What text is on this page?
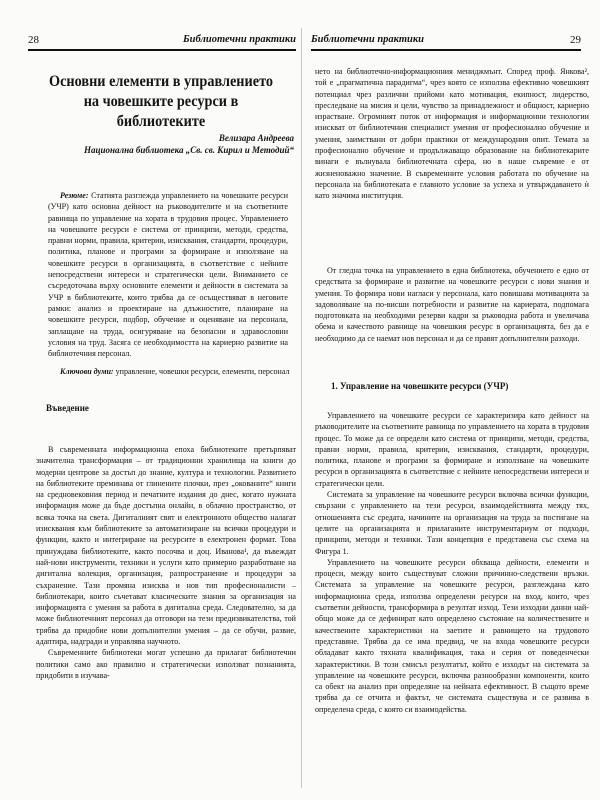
28	Библиотечни практики
Основни елементи в управлението на човешките ресурси в библиотеките
Велизара Андреева
Национална библиотека „Св. св. Кирил и Методий“

Резюме: Статията разглежда управлението на човешките ресурси (УЧР) като основна дейност на ръководителите и на съответните равнища по управление на хората в трудовия процес. Управлението на човешките ресурси е система от принципи, методи, средства, правни норми, правила, критерии, изисквания, стандарти, процедури, политика, планове и програми за формиране и използване на човешките ресурси в организацията, в съответствие с нейните непосредствени интереси и стратегически цели. Вниманието се съсредоточава върху основните елементи и дейности в системата за УЧР в библиотеките, които трябва да се осъществяват в неговите рамки: анализ и проектиране на длъжностите, планиране на човешките ресурси, подбор, обучение и оценяване на персонала, заплащане на труда, осигуряване на безопасни и здравословни условия на труд. Засяга се необходимостта на кариерно развитие на библиотечния персонал.

Ключови думи: управление, човешки ресурси, елементи, персонал
Въведение

В съвременната информационна епоха библиотеките претърпяват значителна трансформация – от традиционни хранилища на книги до модерни центрове за достъп до знание, култура и технологии. Развитието на библиотеките преминава от глинените плочки, през „окованите“ книги на средновековния период и печатните издания до днес, когато нужната информация може да бъде достъпна онлайн, в облачно пространство, от всяка точка на света. Дигиталният свят и електронното общество налагат изисквания към библиотеките за автоматизиране на всички процедури и функции, както и интегриране на ресурсите в електронен формат. Това принуждава библиотеките, както посочва и доц. Иванова¹, да въвеждат най-нови инструменти, техники и услуги като примерно разработване на дигитална колекция, организация, разпространение и процедури за съхранение. Тази промяна изисква и нов тип професионалисти – библиотекари, които съчетават класическите знания за организация на информацията с умения за работа в дигитална среда. Следователно, за да може библиотечният персонал да отговори на тези предизвикателства, той трябва да придобие нови допълнителни умения – да се обучи, развие, адаптира, надгради и управлява научното.

Съвременните библиотеки могат успешно да прилагат библиотечни политики само ако правилно и стратегически използват познанията, придобити в изучава-

Библиотечни практики	29

нето на библиотечно-информационния мениджмънт. Според проф. Янкова², той е „прагматична парадигма“, чрез която се използва ефективно човешкият потенциал чрез различни прийоми като мотивация, екипност, лидерство, преследване на мисия и цели, чувство за принадлежност и общност, кариерно израстване. Огромният поток от информация и информационни технологии изискват от библиотечния специалист умения от професионално обучение и умения, заимствани от добри практики от международния опит. Темата за професионално обучение и продължаващо образование на библиотекарите винаги е вълнувала библиотечната сфера, но в наше съвремие е от жизненоважно значение. В съвременните условия работата по обучение на персонала на библиотеката е главното условие за успеха и утвърждаването ѝ като значима институция.

От гледна точка на управлението в една библиотека, обучението е едно от средствата за формиране и развитие на човешките ресурси с нови знания и умения. То формира нови нагласи у персонала, като повишава мотивацията за задоволяване на по-висши потребности и развитие на кариерата, подпомага подготовката на необходими резерви кадри за ръководна работа и увеличава обема и качеството равнище на човешкия ресурс в организацията, без да е необходимо да се наемат нов персонал и да се правят допълнителни разходи.

1. Управление на човешките ресурси (УЧР)

Управлението на човешките ресурси се характеризира като дейност на ръководителите на съответните равнища по управлението на хората в трудовия процес. То може да се определи като система от принципи, методи, средства, правни норми, правила, критерии, изисквания, стандарти, процедури, политика, планове и програми за формиране и използване на човешките ресурси в организацията в съответствие с нейните непосредствени интереси и стратегически цели.

Системата за управление на човешките ресурси включва всички функции, свързани с управлението на тези ресурси, взаимодействията между тях, отношенията със средата, начините на организация на труда за постигане на целите на организацията и прилаганите инструментариум от подходи, принципи, методи и техники. Тази концепция е представена със схема на Фигура 1.

Управлението на човешките ресурси обхваща дейности, елементи и процеси, между които съществуват сложни причинно-следствени връзки. Системата за управление на човешките ресурси, разглеждана като информационна среда, използва определени ресурси на вход, които, чрез съответни дейности, трансформира в резултат изход. Тези изходни данни най-общо може да се дефинират като определено състояние на количествените и качествените характеристики на заетите и равнището на трудовото представяне. Трябва да се има предвид, че на входа човешките ресурси обладават както тяхната квалификация, така и серия от поведенчески характеристики. В този смисъл резултатът, който е изходът на системата за управление на човешките ресурси, включва разнообразни компоненти, които са обект на анализ при определяне на нейната ефективност. В същото време трябва да се отчита и фактът, че системата съществува и се развива в определена среда, с която си взаимодейства.
